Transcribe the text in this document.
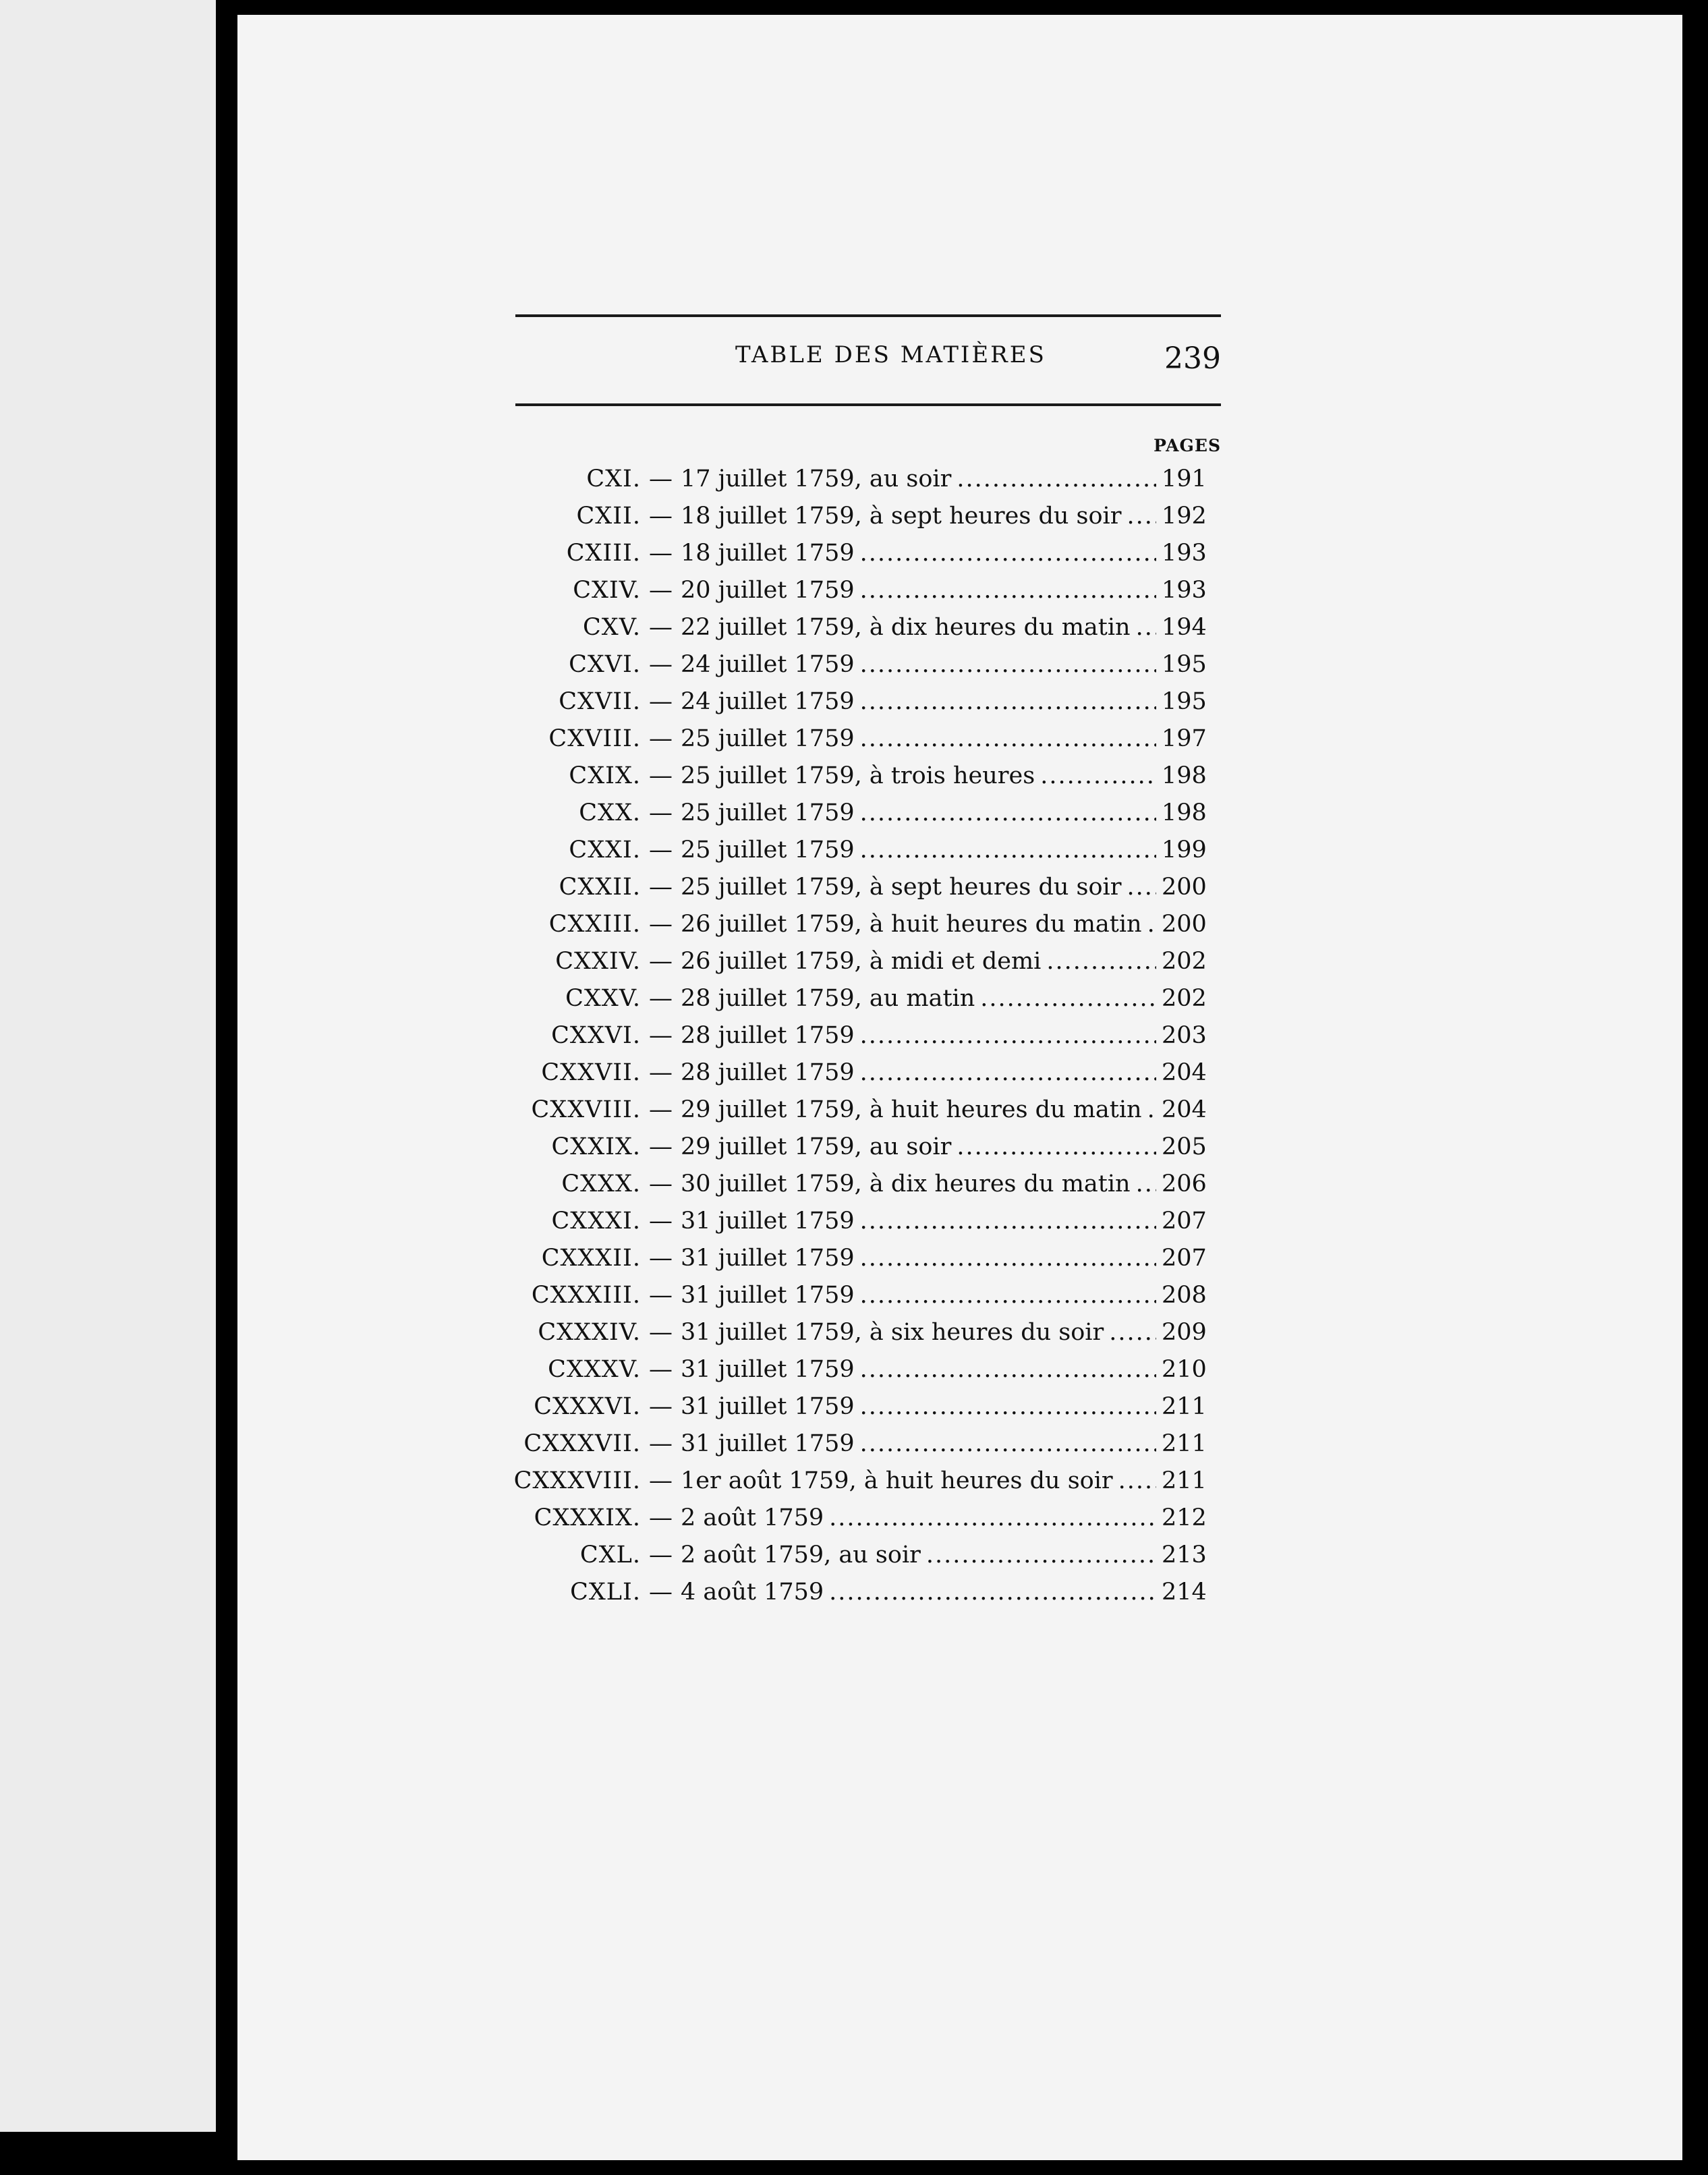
TABLE DES MATIÈRES	239
PAGES
CXI. — 17 juillet 1759, au soir .....	191
CXII. — 18 juillet 1759, à sept heures du soir ..... 192
CXIII. — 18 juillet 1759 .....	193
CXIV. — 20 juillet 1759 .....	193
CXV. — 22 juillet 1759, à dix heures du matin ..... 194
CXVI. — 24 juillet 1759 .....	195
CXVII. — 24 juillet 1759 .....	195
CXVIII. — 25 juillet 1759 .....	197
CXIX. — 25 juillet 1759, à trois heures .....	198
CXX. — 25 juillet 1759 .....	198
CXXI. — 25 juillet 1759 .....	199
CXXII. — 25 juillet 1759, à sept heures du soir ..... 200
CXXIII. — 26 juillet 1759, à huit heures du matin ..... 200
CXXIV. — 26 juillet 1759, à midi et demi .....	202
CXXV. — 28 juillet 1759, au matin .....	202
CXXVI. — 28 juillet 1759 .....	203
CXXVII. — 28 juillet 1759 .....	204
CXXVIII. — 29 juillet 1759, à huit heures du matin ..... 204
CXXIX. — 29 juillet 1759, au soir .....	205
CXXX. — 30 juillet 1759, à dix heures du matin ..... 206
CXXXI. — 31 juillet 1759 .....	207
CXXXII. — 31 juillet 1759 .....	207
CXXXIII. — 31 juillet 1759 .....	208
CXXXIV. — 31 juillet 1759, à six heures du soir ..... 209
CXXXV. — 31 juillet 1759 .....	210
CXXXVI. — 31 juillet 1759 .....	211
CXXXVII. — 31 juillet 1759 .....	211
CXXXVIII. — 1er août 1759, à huit heures du soir ..... 211
CXXXIX. — 2 août 1759 .....	212
CXL. — 2 août 1759, au soir .....	213
CXLI. — 4 août 1759 .....	214
